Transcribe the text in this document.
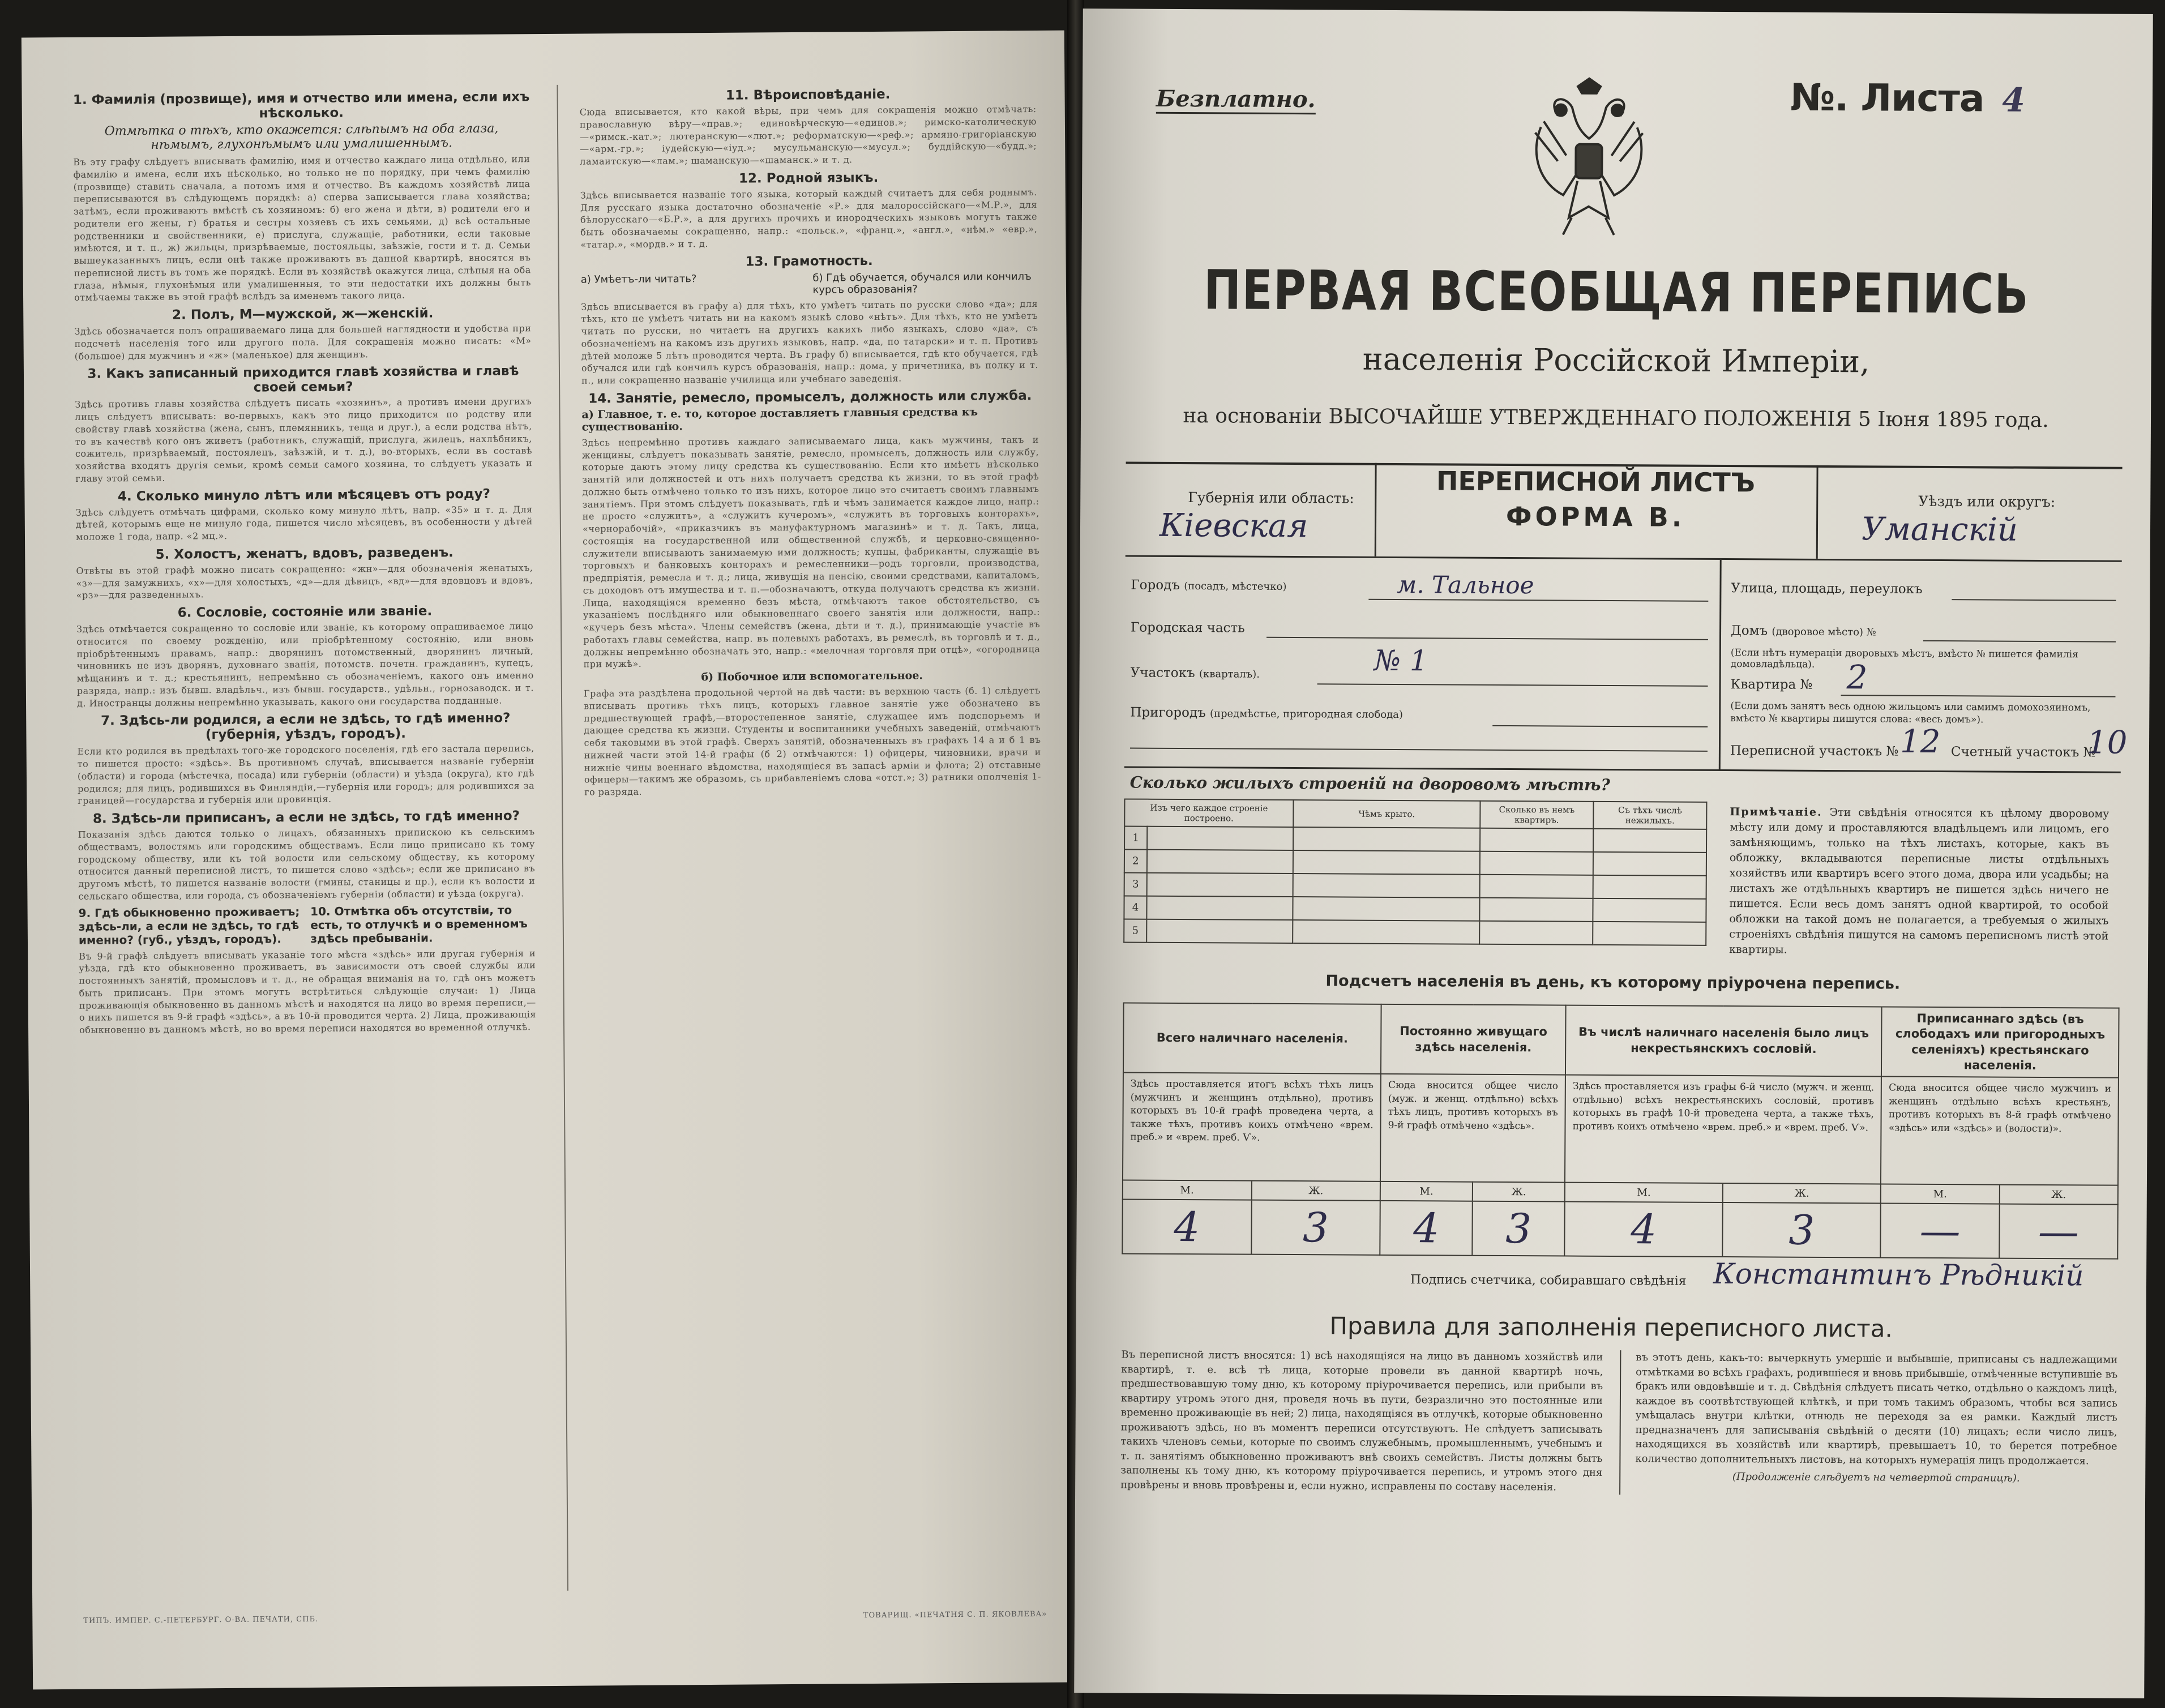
1. Фамилія (прозвище), имя и отчество или имена, если ихъ нѣсколько.
Отмѣтка о тѣхъ, кто окажется: слѣпымъ на оба глаза, нѣмымъ, глухонѣмымъ или умалишеннымъ.
Въ эту графу слѣдуетъ вписывать фамилію, имя и отчество каждаго лица отдѣльно, или фамилію и имена, если ихъ нѣсколько, но только не по порядку, при чемъ фамилію (прозвище) ставить сначала, а потомъ имя и отчество. Въ каждомъ хозяйствѣ лица переписываются въ слѣдующемъ порядкѣ: а) сперва записывается глава хозяйства; затѣмъ, если проживаютъ вмѣстѣ съ хозяиномъ: б) его жена и дѣти, в) родители его и родители его жены, г) братья и сестры хозяевъ съ ихъ семьями, д) всѣ остальные родственники и свойственники, е) прислуга, служащіе, работники, если таковые имѣются, и т. п., ж) жильцы, призрѣваемые, постояльцы, заѣзжіе, гости и т. д. Семьи вышеуказанныхъ лицъ, если онѣ также проживаютъ въ данной квартирѣ, вносятся въ переписной листъ въ томъ же порядкѣ. Если въ хозяйствѣ окажутся лица, слѣпыя на оба глаза, нѣмыя, глухонѣмыя или умалишенныя, то эти недостатки ихъ должны быть отмѣчаемы также въ этой графѣ вслѣдъ за именемъ такого лица.
2. Полъ, М—мужской, ж—женскій.
Здѣсь обозначается полъ опрашиваемаго лица для большей наглядности и удобства при подсчетѣ населенія того или другого пола. Для сокращенія можно писать: «М» (большое) для мужчинъ и «ж» (маленькое) для женщинъ.
3. Какъ записанный приходится главѣ хозяйства и главѣ своей семьи?
Здѣсь противъ главы хозяйства слѣдуетъ писать «хозяинъ», а противъ имени другихъ лицъ слѣдуетъ вписывать: во-первыхъ, какъ это лицо приходится по родству или свойству главѣ хозяйства (жена, сынъ, племянникъ, теща и друг.), а если родства нѣтъ, то въ качествѣ кого онъ живетъ (работникъ, служащій, прислуга, жилецъ, нахлѣбникъ, сожитель, призрѣваемый, постоялецъ, заѣзжій, и т. д.), во-вторыхъ, если въ составѣ хозяйства входятъ другія семьи, кромѣ семьи самого хозяина, то слѣдуетъ указать и главу этой семьи.
4. Сколько минуло лѣтъ или мѣсяцевъ отъ роду?
Здѣсь слѣдуетъ отмѣчать цифрами, сколько кому минуло лѣтъ, напр. «35» и т. д. Для дѣтей, которымъ еще не минуло года, пишется число мѣсяцевъ, въ особенности у дѣтей моложе 1 года, напр. «2 мц.».
5. Холостъ, женатъ, вдовъ, разведенъ.
Отвѣты въ этой графѣ можно писать сокращенно: «жн»—для обозначенія женатыхъ, «з»—для замужнихъ, «х»—для холостыхъ, «д»—для дѣвицъ, «вд»—для вдовцовъ и вдовъ, «рз»—для разведенныхъ.
6. Сословіе, состояніе или званіе.
Здѣсь отмѣчается сокращенно то сословіе или званіе, къ которому опрашиваемое лицо относится по своему рожденію, или пріобрѣтенному состоянію, или вновь пріобрѣтеннымъ правамъ, напр.: дворянинъ потомственный, дворянинъ личный, чиновникъ не изъ дворянъ, духовнаго званія, потомств. почетн. гражданинъ, купецъ, мѣщанинъ и т. д.; крестьянинъ, непремѣнно съ обозначеніемъ, какого онъ именно разряда, напр.: изъ бывш. владѣльч., изъ бывш. государств., удѣльн., горнозаводск. и т. д. Иностранцы должны непремѣнно указывать, какого они государства подданные.
7. Здѣсь-ли родился, а если не здѣсь, то гдѣ именно? (губернія, уѣздъ, городъ).
Если кто родился въ предѣлахъ того-же городского поселенія, гдѣ его застала перепись, то пишется просто: «здѣсь». Въ противномъ случаѣ, вписывается названіе губерніи (области) и города (мѣстечка, посада) или губерніи (области) и уѣзда (округа), кто гдѣ родился; для лицъ, родившихся въ Финляндіи,—губернія или городъ; для родившихся за границей—государства и губернія или провинція.
8. Здѣсь-ли приписанъ, а если не здѣсь, то гдѣ именно?
Показанія здѣсь даются только о лицахъ, обязанныхъ припискою къ сельскимъ обществамъ, волостямъ или городскимъ обществамъ. Если лицо приписано къ тому городскому обществу, или къ той волости или сельскому обществу, къ которому относится данный переписной листъ, то пишется слово «здѣсь»; если же приписано въ другомъ мѣстѣ, то пишется названіе волости (гмины, станицы и пр.), если къ волости и сельскаго общества, или города, съ обозначеніемъ губерніи (области) и уѣзда (округа).
9. Гдѣ обыкновенно проживаетъ; здѣсь-ли, а если не здѣсь, то гдѣ именно? (губ., уѣздъ, городъ).
10. Отмѣтка объ отсутствіи, то есть, то отлучкѣ и о временномъ здѣсь пребываніи.
Въ 9-й графѣ слѣдуетъ вписывать указаніе того мѣста «здѣсь» или другая губернія и уѣзда, гдѣ кто обыкновенно проживаетъ, въ зависимости отъ своей службы или постоянныхъ занятій, промысловъ и т. д., не обращая вниманія на то, гдѣ онъ можетъ быть приписанъ. При этомъ могутъ встрѣтиться слѣдующіе случаи: 1) Лица проживающія обыкновенно въ данномъ мѣстѣ и находятся на лицо во время переписи,—о нихъ пишется въ 9-й графѣ «здѣсь», а въ 10-й проводится черта. 2) Лица, проживающія обыкновенно въ данномъ мѣстѣ, но во время переписи находятся во временной отлучкѣ.
11. Вѣроисповѣданіе.
Сюда вписывается, кто какой вѣры, при чемъ для сокращенія можно отмѣчать: православную вѣру—«прав.»; единовѣрческую—«единов.»; римско-католическую—«римск.-кат.»; лютеранскую—«лют.»; реформатскую—«реф.»; армяно-григоріанскую—«арм.-гр.»; іудейскую—«іуд.»; мусульманскую—«мусул.»; буддійскую—«будд.»; ламаитскую—«лам.»; шаманскую—«шаманск.» и т. д.
12. Родной языкъ.
Здѣсь вписывается названіе того языка, который каждый считаетъ для себя роднымъ. Для русскаго языка достаточно обозначеніе «Р.» для малороссійскаго—«М.Р.», для бѣлорусскаго—«Б.Р.», а для другихъ прочихъ и инородческихъ языковъ могутъ также быть обозначаемы сокращенно, напр.: «польск.», «франц.», «англ.», «нѣм.» «евр.», «татар.», «мордв.» и т. д.
13. Грамотность.
а) Умѣетъ-ли читать?	б) Гдѣ обучается, обучался или кончилъ курсъ образованія?
Здѣсь вписывается въ графу а) для тѣхъ, кто умѣетъ читать по русски слово «да»; для тѣхъ, кто не умѣетъ читать ни на какомъ языкѣ слово «нѣтъ». Для тѣхъ, кто не умѣетъ читать по русски, но читаетъ на другихъ какихъ либо языкахъ, слово «да», съ обозначеніемъ на какомъ изъ другихъ языковъ, напр. «да, по татарски» и т. п. Противъ дѣтей моложе 5 лѣтъ проводится черта. Въ графу б) вписывается, гдѣ кто обучается, гдѣ обучался или гдѣ кончилъ курсъ образованія, напр.: домa, у причетника, въ полку и т. п., или сокращенно названіе училища или учебнаго заведенія.
14. Занятіе, ремесло, промыселъ, должность или служба.
а) Главное, т. е. то, которое доставляетъ главныя средства къ существованію.
Здѣсь непремѣнно противъ каждаго записываемаго лица, какъ мужчины, такъ и женщины, слѣдуетъ показывать занятіе, ремесло, промыселъ, должность или службу, которые даютъ этому лицу средства къ существованію. Если кто имѣетъ нѣсколько занятій или должностей и отъ нихъ получаетъ средства къ жизни, то въ этой графѣ должно быть отмѣчено только то изъ нихъ, которое лицо это считаетъ своимъ главнымъ занятіемъ. При этомъ слѣдуетъ показывать, гдѣ и чѣмъ занимается каждое лицо, напр.: не просто «служитъ», а «служитъ кучеромъ», «служитъ въ торговыхъ конторахъ», «чернорабочій», «приказчикъ въ мануфактурномъ магазинѣ» и т. д. Такъ, лица, состоящія на государственной или общественной службѣ, и церковно-священно-служители вписываютъ занимаемую ими должность; купцы, фабриканты, служащіе въ торговыхъ и банковыхъ конторахъ и ремесленники—родъ торговли, производства, предпріятія, ремесла и т. д.; лица, живущія на пенсію, своими средствами, капиталомъ, съ доходовъ отъ имущества и т. п.—обозначаютъ, откуда получаютъ средства къ жизни. Лица, находящіяся временно безъ мѣста, отмѣчаютъ такое обстоятельство, съ указаніемъ послѣдняго или обыкновеннаго своего занятія или должности, напр.: «кучеръ безъ мѣста». Члены семействъ (жена, дѣти и т. д.), принимающіе участіе въ работахъ главы семейства, напр. въ полевыхъ работахъ, въ ремеслѣ, въ торговлѣ и т. д., должны непремѣнно обозначать это, напр.: «мелочная торговля при отцѣ», «огородница при мужѣ».
б) Побочное или вспомогательное.
Графа эта раздѣлена продольной чертой на двѣ части: въ верхнюю часть (б. 1) слѣдуетъ вписывать противъ тѣхъ лицъ, которыхъ главное занятіе уже обозначено въ предшествующей графѣ,—второстепенное занятіе, служащее имъ подспорьемъ и дающее средства къ жизни. Студенты и воспитанники учебныхъ заведеній, отмѣчаютъ себя таковыми въ этой графѣ. Сверхъ занятій, обозначенныхъ въ графахъ 14 а и б 1 въ нижней части этой 14-й графы (б 2) отмѣчаются: 1) офицеры, чиновники, врачи и нижніе чины военнаго вѣдомства, находящіеся въ запасѣ арміи и флота; 2) отставные офицеры—такимъ же образомъ, съ прибавленіемъ слова «отст.»; 3) ратники ополченія 1-го разряда.
ТИПЪ. ИМПЕР. С.-ПЕТЕРБУРГ. О-ВА. ПЕЧАТИ, СПБ.
ТОВАРИЩ. «ПЕЧАТНЯ С. П. ЯКОВЛЕВА»
Безплатно.	№. Листа 4
ПЕРВАЯ ВСЕОБЩАЯ ПЕРЕПИСЬ
населенія Россійской Имперіи,
на основаніи ВЫСОЧАЙШЕ УТВЕРЖДЕННАГО ПОЛОЖЕНІЯ 5 Іюня 1895 года.
Губернія или область:
Кіевская
ПЕРЕПИСНОЙ ЛИСТЪ
ФОРМА В.	Уѣздъ или округъ:
Уманскій
Городъ (посадъ, мѣстечко)	м. Тальное
Городская часть
Участокъ (кварталъ).	№ 1
Пригородъ (предмѣстье, пригородная слобода)
Улица, площадь, переулокъ
Домъ (дворовое мѣсто) №
(Если нѣтъ нумераціи дворовыхъ мѣстъ, вмѣсто № пишется фамилія домовладѣльца).
Квартира № 2
(Если домъ занятъ весь одною жильцомъ или самимъ домохозяиномъ, вмѣсто № квартиры пишутся слова: «весь домъ»).
Переписной участокъ № 12 Счетный участокъ №
10
Сколько жилыхъ строеній на дворовомъ мѣстѣ?
Изъ чего каждое строеніе построено.		Чѣмъ крыто.	Сколько въ немъ квартиръ.	Съ тѣхъ числѣ нежилыхъ.
1				
2				
3				
4				
5				
Примѣчаніе. Эти свѣдѣнія относятся къ цѣлому дворовому мѣсту или дому и проставляются владѣльцемъ или лицомъ, его замѣняющимъ, только на тѣхъ листахъ, которые, какъ въ обложку, вкладываются переписные листы отдѣльныхъ хозяйствъ или квартиръ всего этого дома, двора или усадьбы; на листахъ же отдѣльныхъ квартиръ не пишется здѣсь ничего не пишется. Если весь домъ занятъ одной квартирой, то особой обложки на такой домъ не полагается, а требуемыя о жилыхъ строеніяхъ свѣдѣнія пишутся на самомъ переписномъ листѣ этой квартиры.
Подсчетъ населенія въ день, къ которому пріурочена перепись.
Всего наличнаго населенія.		Постоянно живущаго здѣсь населенія.		Въ числѣ наличнаго населенія было лицъ некрестьянскихъ сословій.		Приписаннаго здѣсь (въ слободахъ или пригородныхъ селеніяхъ) крестьянскаго населенія.	
Здѣсь проставляется итогъ всѣхъ тѣхъ лицъ (мужчинъ и женщинъ отдѣльно), противъ которыхъ въ 10-й графѣ проведена черта, а также тѣхъ, противъ коихъ отмѣчено «врем. преб.» и «врем. преб. Ѵ».		Сюда вносится общее число (муж. и женщ. отдѣльно) всѣхъ тѣхъ лицъ, противъ которыхъ въ 9-й графѣ отмѣчено «здѣсь».		Здѣсь проставляется изъ графы 6-й число (мужч. и женщ. отдѣльно) всѣхъ некрестьянскихъ сословій, противъ которыхъ въ графѣ 10-й проведена черта, а также тѣхъ, противъ коихъ отмѣчено «врем. преб.» и «врем. преб. Ѵ».		Сюда вносится общее число мужчинъ и женщинъ отдѣльно всѣхъ крестьянъ, противъ которыхъ въ 8-й графѣ отмѣчено «здѣсь» или «здѣсь» и (волости)».	
М.	Ж.	М.	Ж.	М.	Ж.	М.	Ж.
4	3	4	3	4	3	—	—
Подпись счетчика, собиравшаго свѣдѣнія Константинъ Рѣдникій
Правила для заполненія переписного листа.
Въ переписной листъ вносятся: 1) всѣ находящіяся на лицо въ данномъ хозяйствѣ или квартирѣ, т. е. всѣ тѣ лица, которые провели въ данной квартирѣ ночь, предшествовавшую тому дню, къ которому пріурочивается перепись, или прибыли въ квартиру утромъ этого дня, проведя ночь въ пути, безразлично это постоянные или временно проживающіе въ ней; 2) лица, находящіяся въ отлучкѣ, которые обыкновенно проживаютъ здѣсь, но въ моментъ переписи отсутствуютъ. Не слѣдуетъ записывать такихъ членовъ семьи, которые по своимъ служебнымъ, промышленнымъ, учебнымъ и т. п. занятіямъ обыкновенно проживаютъ внѣ своихъ семействъ. Листы должны быть заполнены къ тому дню, къ которому пріурочивается перепись, и утромъ этого дня провѣрены и вновь провѣрены и, если нужно, исправлены по составу населенія.
въ этотъ день, какъ-то: вычеркнуть умершіе и выбывшіе, приписаны съ надлежащими отмѣтками во всѣхъ графахъ, родившіеся и вновь прибывшіе, отмѣченные вступившіе въ бракъ или овдовѣвшіе и т. д. Свѣдѣнія слѣдуетъ писать четко, отдѣльно о каждомъ лицѣ, каждое въ соотвѣтствующей клѣткѣ, и при томъ такимъ образомъ, чтобы вся запись умѣщалась внутри клѣтки, отнюдь не переходя за ея рамки. Каждый листъ предназначенъ для записыванія свѣдѣній о десяти (10) лицахъ; если число лицъ, находящихся въ хозяйствѣ или квартирѣ, превышаетъ 10, то берется потребное количество дополнительныхъ листовъ, на которыхъ нумерація лицъ продолжается.
(Продолженіе слѣдуетъ на четвертой страницѣ).
